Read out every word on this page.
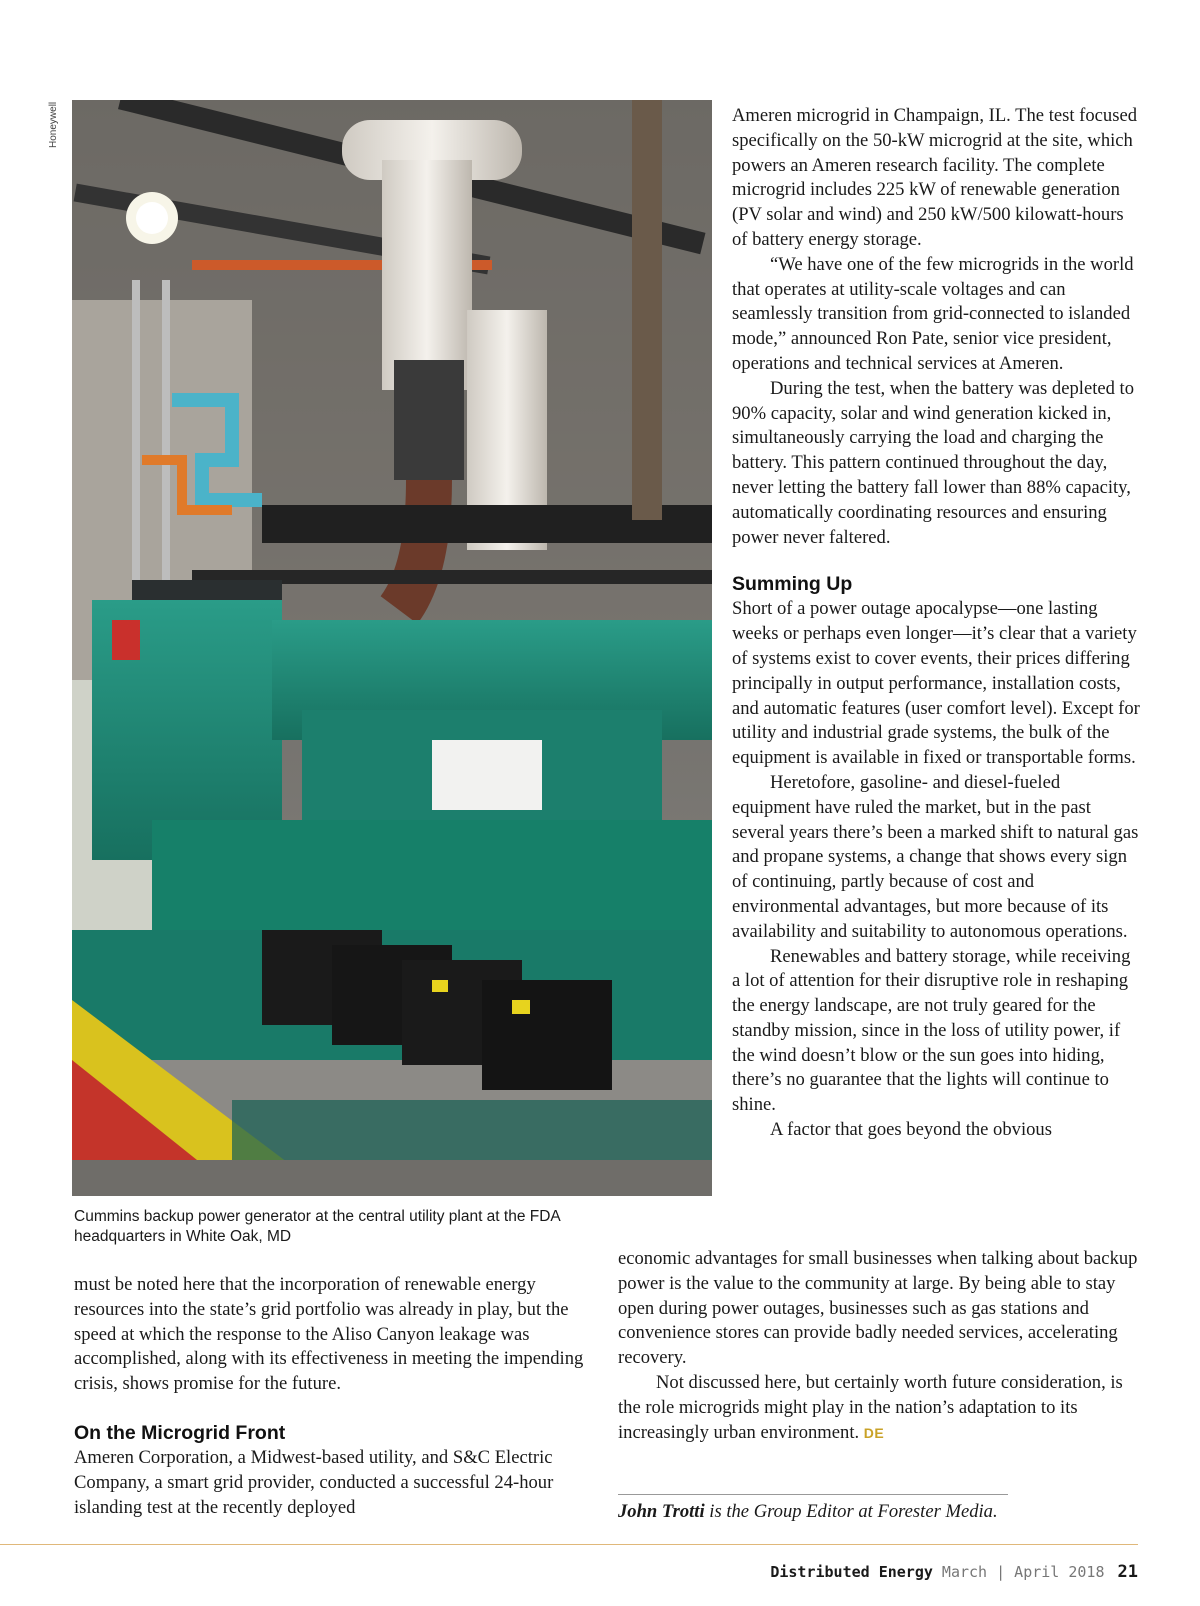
Honeywell
Cummins backup power generator at the central utility plant at the FDA headquarters in White Oak, MD

Ameren microgrid in Champaign, IL. The test focused specifically on the 50-kW microgrid at the site, which powers an Ameren research facility. The complete microgrid includes 225 kW of renewable generation (PV solar and wind) and 250 kW/500 kilowatt-hours of battery energy storage.

“We have one of the few microgrids in the world that operates at utility-scale voltages and can seamlessly transition from grid-connected to islanded mode,” announced Ron Pate, senior vice president, operations and technical services at Ameren.

During the test, when the battery was depleted to 90% capacity, solar and wind generation kicked in, simultaneously carrying the load and charging the battery. This pattern continued throughout the day, never letting the battery fall lower than 88% capacity, automatically coordinating resources and ensuring power never faltered.

Summing Up

Short of a power outage apocalypse—one lasting weeks or perhaps even longer—it’s clear that a variety of systems exist to cover events, their prices differing principally in output performance, installation costs, and automatic features (user comfort level). Except for utility and industrial grade systems, the bulk of the equipment is available in fixed or transportable forms.

Heretofore, gasoline- and diesel-fueled equipment have ruled the market, but in the past several years there’s been a marked shift to natural gas and propane systems, a change that shows every sign of continuing, partly because of cost and environmental advantages, but more because of its availability and suitability to autonomous operations.

Renewables and battery storage, while receiving a lot of attention for their disruptive role in reshaping the energy landscape, are not truly geared for the standby mission, since in the loss of utility power, if the wind doesn’t blow or the sun goes into hiding, there’s no guarantee that the lights will continue to shine.

A factor that goes beyond the obvious

must be noted here that the incorporation of renewable energy resources into the state’s grid portfolio was already in play, but the speed at which the response to the Aliso Canyon leakage was accomplished, along with its effectiveness in meeting the impending crisis, shows promise for the future.

On the Microgrid Front

Ameren Corporation, a Midwest-based utility, and S&C Electric Company, a smart grid provider, conducted a successful 24-hour islanding test at the recently deployed

economic advantages for small businesses when talking about backup power is the value to the community at large. By being able to stay open during power outages, businesses such as gas stations and convenience stores can provide badly needed services, accelerating recovery.

Not discussed here, but certainly worth future consideration, is the role microgrids might play in the nation’s adaptation to its increasingly urban environment. DE

John Trotti is the Group Editor at Forester Media.
Distributed Energy March | April 2018 21
